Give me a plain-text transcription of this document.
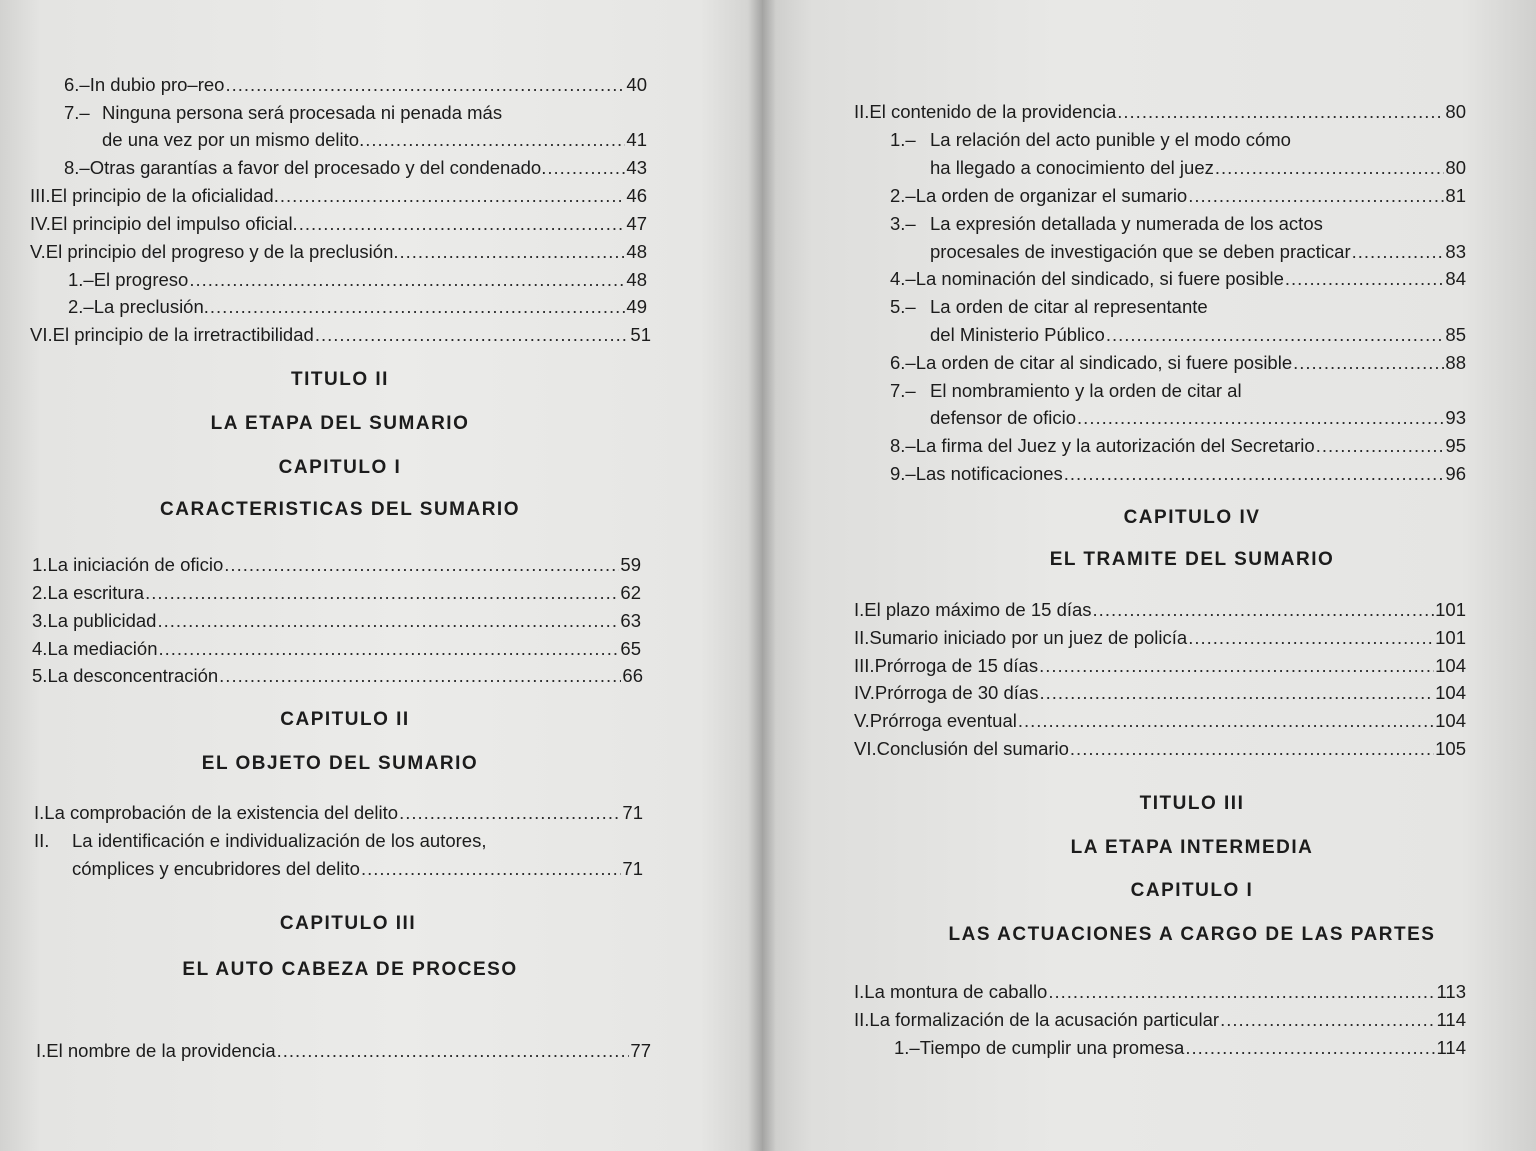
6.– In dubio pro–reo .....	40
7.– Ninguna persona será procesada ni penada más
de una vez por un mismo delito. .....	41
8.– Otras garantías a favor del procesado y del condenado. .....	43
III. El principio de la oficialidad. .....	46
IV. El principio del impulso oficial. .....	47
V. El principio del progreso y de la preclusión. .....	48
1.– El progreso .....	48
2.– La preclusión. .....	49
VI. El principio de la irretractibilidad .....	51
TITULO II
LA ETAPA DEL SUMARIO
CAPITULO I
CARACTERISTICAS DEL SUMARIO
1. La iniciación de oficio .....	59
2. La escritura .....	62
3. La publicidad .....	63
4. La mediación .....	65
5. La desconcentración .....	66
CAPITULO II
EL OBJETO DEL SUMARIO
I. La comprobación de la existencia del delito .....	71
II. La identificación e individualización de los autores,
cómplices y encubridores del delito .....	71
CAPITULO III
EL AUTO CABEZA DE PROCESO
I. El nombre de la providencia .....	77
II. El contenido de la providencia .....	80
1.– La relación del acto punible y el modo cómo
ha llegado a conocimiento del juez .....	80
2.– La orden de organizar el sumario .....	81
3.– La expresión detallada y numerada de los actos
procesales de investigación que se deben practicar .....	83
4.– La nominación del sindicado, si fuere posible .....	84
5.– La orden de citar al representante
del Ministerio Público .....	85
6.– La orden de citar al sindicado, si fuere posible .....	88
7.– El nombramiento y la orden de citar al
defensor de oficio .....	93
8.– La firma del Juez y la autorización del Secretario .....	95
9.– Las notificaciones .....	96
CAPITULO IV
EL TRAMITE DEL SUMARIO
I. El plazo máximo de 15 días .....	101
II. Sumario iniciado por un juez de policía .....	101
III. Prórroga de 15 días .....	104
IV. Prórroga de 30 días .....	104
V. Prórroga eventual .....	104
VI. Conclusión del sumario .....	105
TITULO III
LA ETAPA INTERMEDIA
CAPITULO I
LAS ACTUACIONES A CARGO DE LAS PARTES
I. La montura de caballo .....	113
II. La formalización de la acusación particular .....	114
1.– Tiempo de cumplir una promesa .....	114
